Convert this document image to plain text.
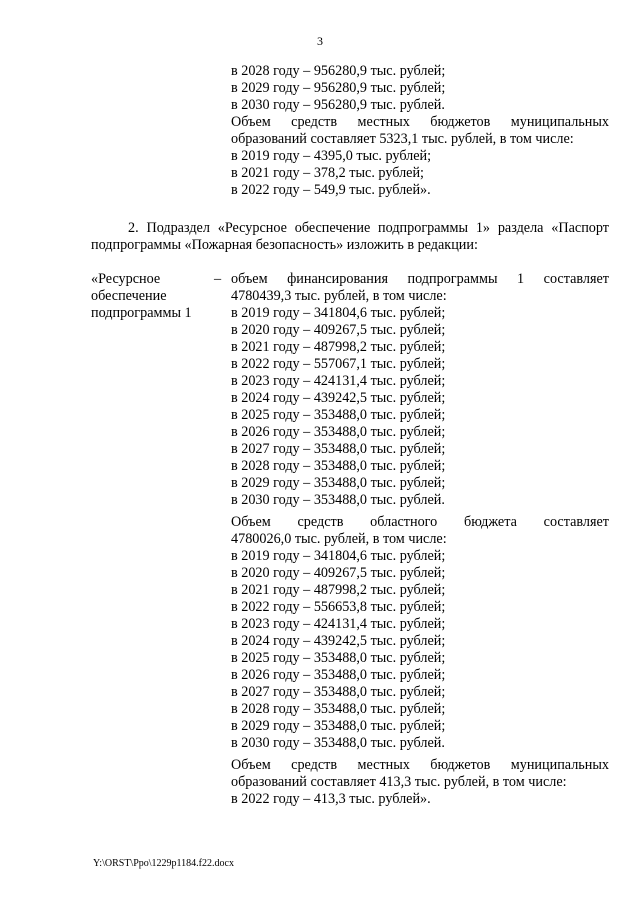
3
в 2028 году – 956280,9 тыс. рублей;
в 2029 году – 956280,9 тыс. рублей;
в 2030 году – 956280,9 тыс. рублей.
Объем средств местных бюджетов муниципальных
образований составляет 5323,1 тыс. рублей, в том числе:
в 2019 году – 4395,0 тыс. рублей;
в 2021 году – 378,2 тыс. рублей;
в 2022 году – 549,9 тыс. рублей».
2. Подраздел «Ресурсное обеспечение подпрограммы 1» раздела «Паспорт
подпрограммы «Пожарная безопасность» изложить в редакции:
«Ресурсное
обеспечение
подпрограммы 1
– объем финансирования подпрограммы 1 составляет
4780439,3 тыс. рублей, в том числе:
в 2019 году – 341804,6 тыс. рублей;
в 2020 году – 409267,5 тыс. рублей;
в 2021 году – 487998,2 тыс. рублей;
в 2022 году – 557067,1 тыс. рублей;
в 2023 году – 424131,4 тыс. рублей;
в 2024 году – 439242,5 тыс. рублей;
в 2025 году – 353488,0 тыс. рублей;
в 2026 году – 353488,0 тыс. рублей;
в 2027 году – 353488,0 тыс. рублей;
в 2028 году – 353488,0 тыс. рублей;
в 2029 году – 353488,0 тыс. рублей;
в 2030 году – 353488,0 тыс. рублей.
Объем средств областного бюджета составляет
4780026,0 тыс. рублей, в том числе:
в 2019 году – 341804,6 тыс. рублей;
в 2020 году – 409267,5 тыс. рублей;
в 2021 году – 487998,2 тыс. рублей;
в 2022 году – 556653,8 тыс. рублей;
в 2023 году – 424131,4 тыс. рублей;
в 2024 году – 439242,5 тыс. рублей;
в 2025 году – 353488,0 тыс. рублей;
в 2026 году – 353488,0 тыс. рублей;
в 2027 году – 353488,0 тыс. рублей;
в 2028 году – 353488,0 тыс. рублей;
в 2029 году – 353488,0 тыс. рублей;
в 2030 году – 353488,0 тыс. рублей.
Объем средств местных бюджетов муниципальных
образований составляет 413,3 тыс. рублей, в том числе:
в 2022 году – 413,3 тыс. рублей».
Y:\ORST\Ppo\1229p1184.f22.docx
